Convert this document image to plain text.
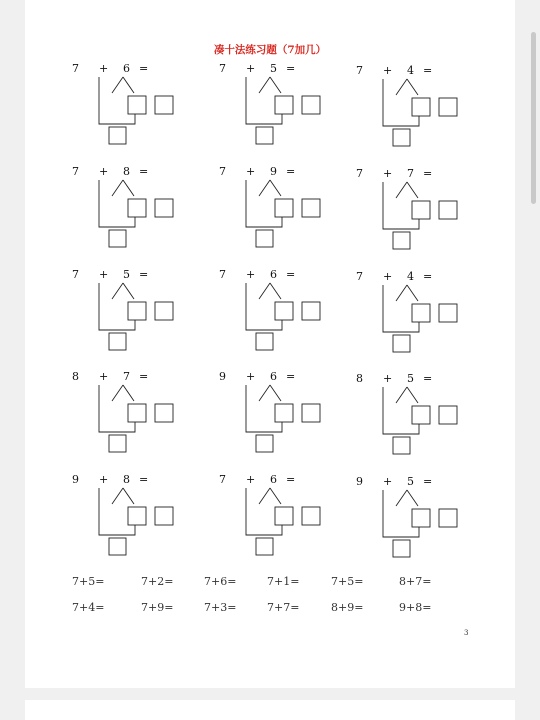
凑十法练习题（7加几）
7 + 6 =	7 + 5 =	7 + 4 =
7 + 8 =	7 + 9 =	7 + 7 =
7 + 5 =	7 + 6 =	7 + 4 =
8 + 7 =	9 + 6 =	8 + 5 =
9 + 8 =	7 + 6 =	9 + 5 =
7+5=	7+2=	7+6=	7+1=	7+5=	8+7=
7+4=	7+9=	7+3=	7+7=	8+9=	9+8=
3
